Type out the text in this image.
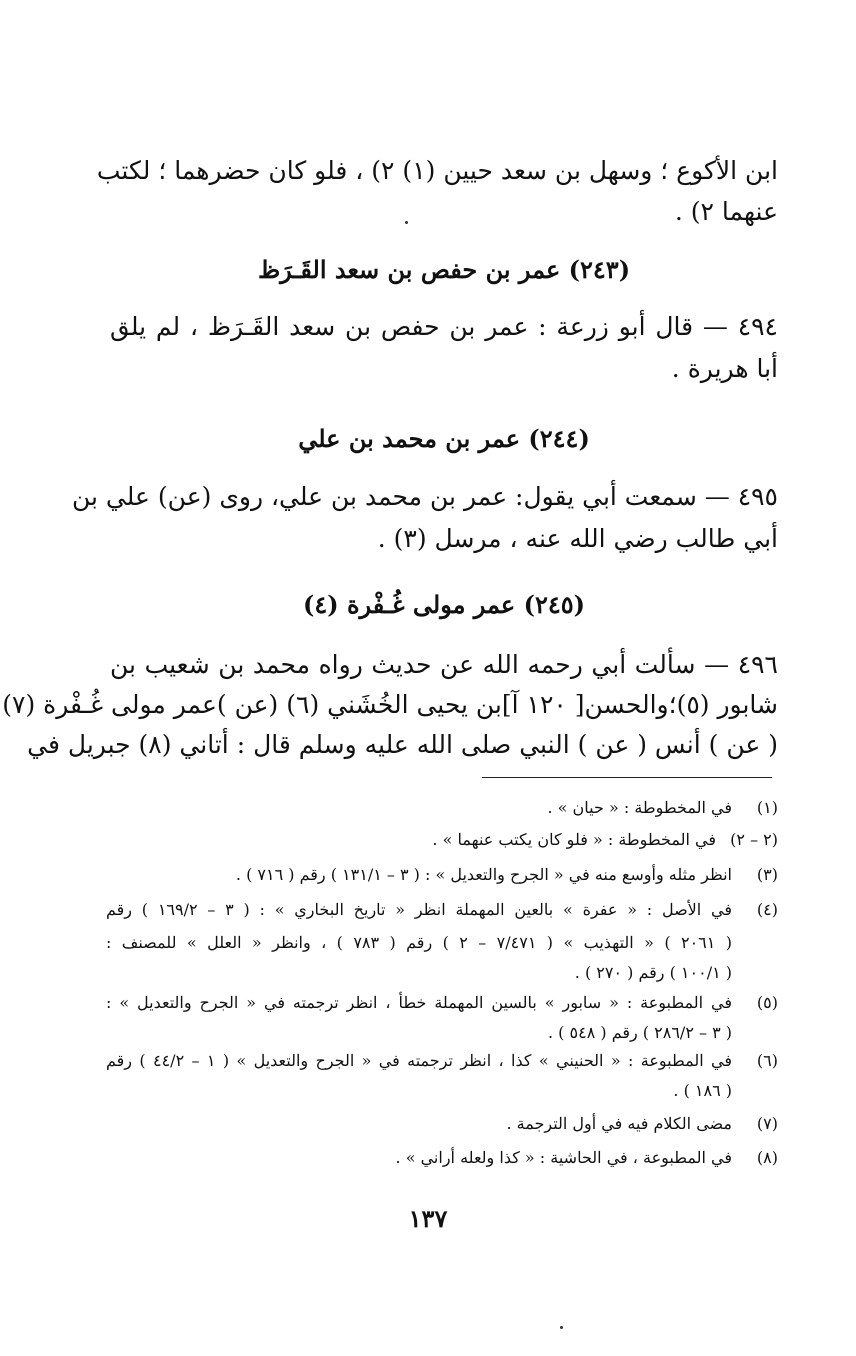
ابن الأكوع ؛ وسهل بن سعد حيين (١) ٢) ، فلو كان حضرهما ؛ لكتب
عنهما ٢) .
(٢٤٣) عمر بن حفص بن سعد القَـرَظ
٤٩٤ — قال أبو زرعة : عمر بن حفص بن سعد القَـرَظ ، لم يلق
أبا هريرة .
(٢٤٤) عمر بن محمد بن علي
٤٩٥ — سمعت أبي يقول: عمر بن محمد بن علي، روى (عن) علي بن
أبي طالب رضي الله عنه ، مرسل (٣) .
(٢٤٥) عمر مولى غُـفْرة (٤)
٤٩٦ — سألت أبي رحمه الله عن حديث رواه محمد بن شعيب بن
شابور (٥)؛والحسن[ ١٢٠ آ]بن يحيى الخُشَني (٦) (عن )عمر مولى غُـفْرة (٧)
( عن ) أنس ( عن ) النبي صلى الله عليه وسلم قال : أتاني (٨) جبريل في
(١)
في المخطوطة : « حيان » .
(٢ – ٢)
في المخطوطة : « فلو كان يكتب عنهما » .
(٣)
انظر مثله وأوسع منه في « الجرح والتعديل » : ( ٣ – ١٣١/١ ) رقم ( ٧١٦ ) .
(٤)
في الأصل : « عفرة » بالعين المهملة انظر « تاريخ البخاري » : ( ٣ – ١٦٩/٢ ) رقم
( ٢٠٦١ ) « التهذيب » ( ٧/٤٧١ – ٢ ) رقم ( ٧٨٣ ) ، وانظر « العلل » للمصنف :
( ١٠٠/١ ) رقم ( ٢٧٠ ) .
(٥)
في المطبوعة : « سابور » بالسين المهملة خطأ ، انظر ترجمته في « الجرح والتعديل » :
( ٣ – ٢٨٦/٢ ) رقم ( ٥٤٨ ) .
(٦)
في المطبوعة : « الحنيني » كذا ، انظر ترجمته في « الجرح والتعديل » ( ١ – ٤٤/٢ ) رقم
( ١٨٦ ) .
(٧)
مضى الكلام فيه في أول الترجمة .
(٨)
في المطبوعة ، في الحاشية : « كذا ولعله أراني » .
١٣٧
